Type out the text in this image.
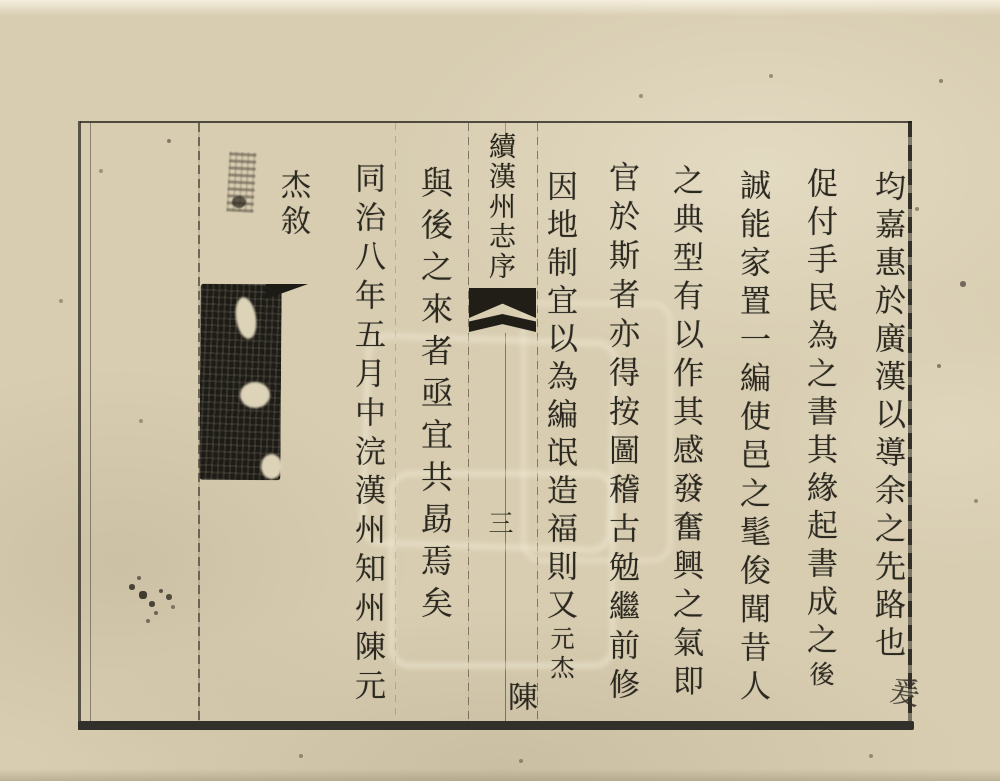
均嘉惠於廣漢以導余之先路也
促付手民為之書其緣起書成之後
誠能家置一編使邑之髦俊聞昔人
之典型有以作其感發奮興之氣即
官於斯者亦得按圖稽古勉繼前修
因地制宜以為編氓造福則又元杰
爰
續漢州志序
三
陳
與後之來者亟宜共勗焉矣
同治八年五月中浣漢州知州陳元
杰敘
